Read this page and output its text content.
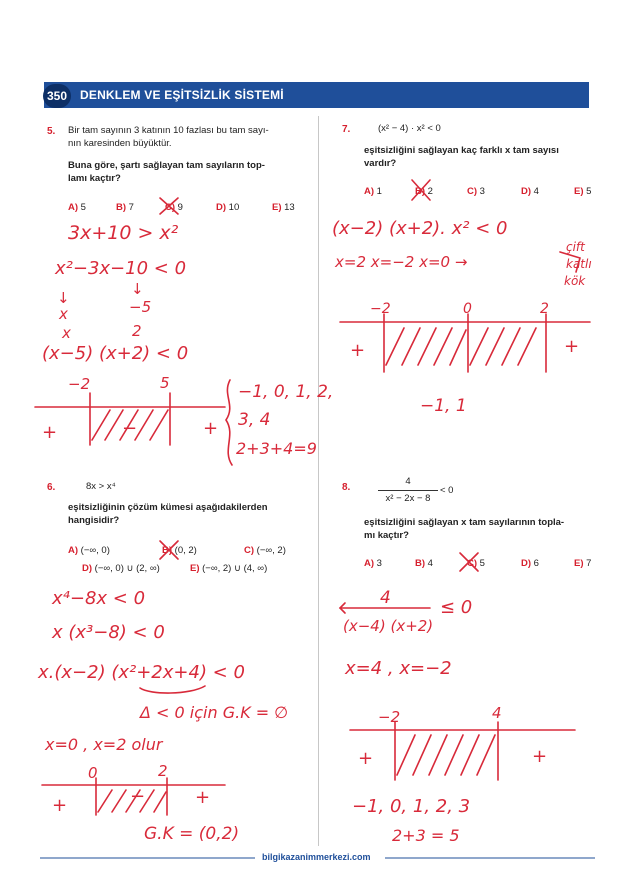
350	DENKLEM VE EŞİTSİZLİK SİSTEMİ
5. Bir tam sayının 3 katının 10 fazlası bu tam sayı-
nın karesinden büyüktür.
Buna göre, şartı sağlayan tam sayıların top-
lamı kaçtır?
A) 5	B) 7	C) 9	D) 10	E) 13
6.	8x > x⁴
eşitsizliğinin çözüm kümesi aşağıdakilerden
hangisidir?
A) (−∞, 0)	B) (0, 2)	C) (−∞, 2)
D) (−∞, 0) ∪ (2, ∞)	E) (−∞, 2) ∪ (4, ∞)
7.	(x² − 4) · x² < 0
eşitsizliğini sağlayan kaç farklı x tam sayısı
vardır?
A) 1	B) 2	C) 3	D) 4	E) 5
8.
4
x² − 2x − 8
< 0
eşitsizliğini sağlayan x tam sayılarının topla-
mı kaçtır?
A) 3	B) 4	C) 5	D) 6	E) 7
3x+10 > x²
x²−3x−10 < 0
↓	↓
x	−5
x	2
(x−5) (x+2) < 0
−2	5
+	−	+
−1, 0, 1, 2,
3, 4
2+3+4=9
x⁴−8x < 0
x (x³−8) < 0
x.(x−2) (x²+2x+4) < 0
Δ < 0 için G.K = ∅
x=0 , x=2 olur
0	2
+	−	+
G.K = (0,2)
(x−2) (x+2). x² < 0
x=2 x=−2 x=0 →
çift
katlı
kök
−2	0	2
+	+
−1, 1
4
(x−4) (x+2)
≤ 0
x=4 , x=−2
−2	4
+	+
−1, 0, 1, 2, 3
2+3 = 5
bilgikazanimmerkezi.com
